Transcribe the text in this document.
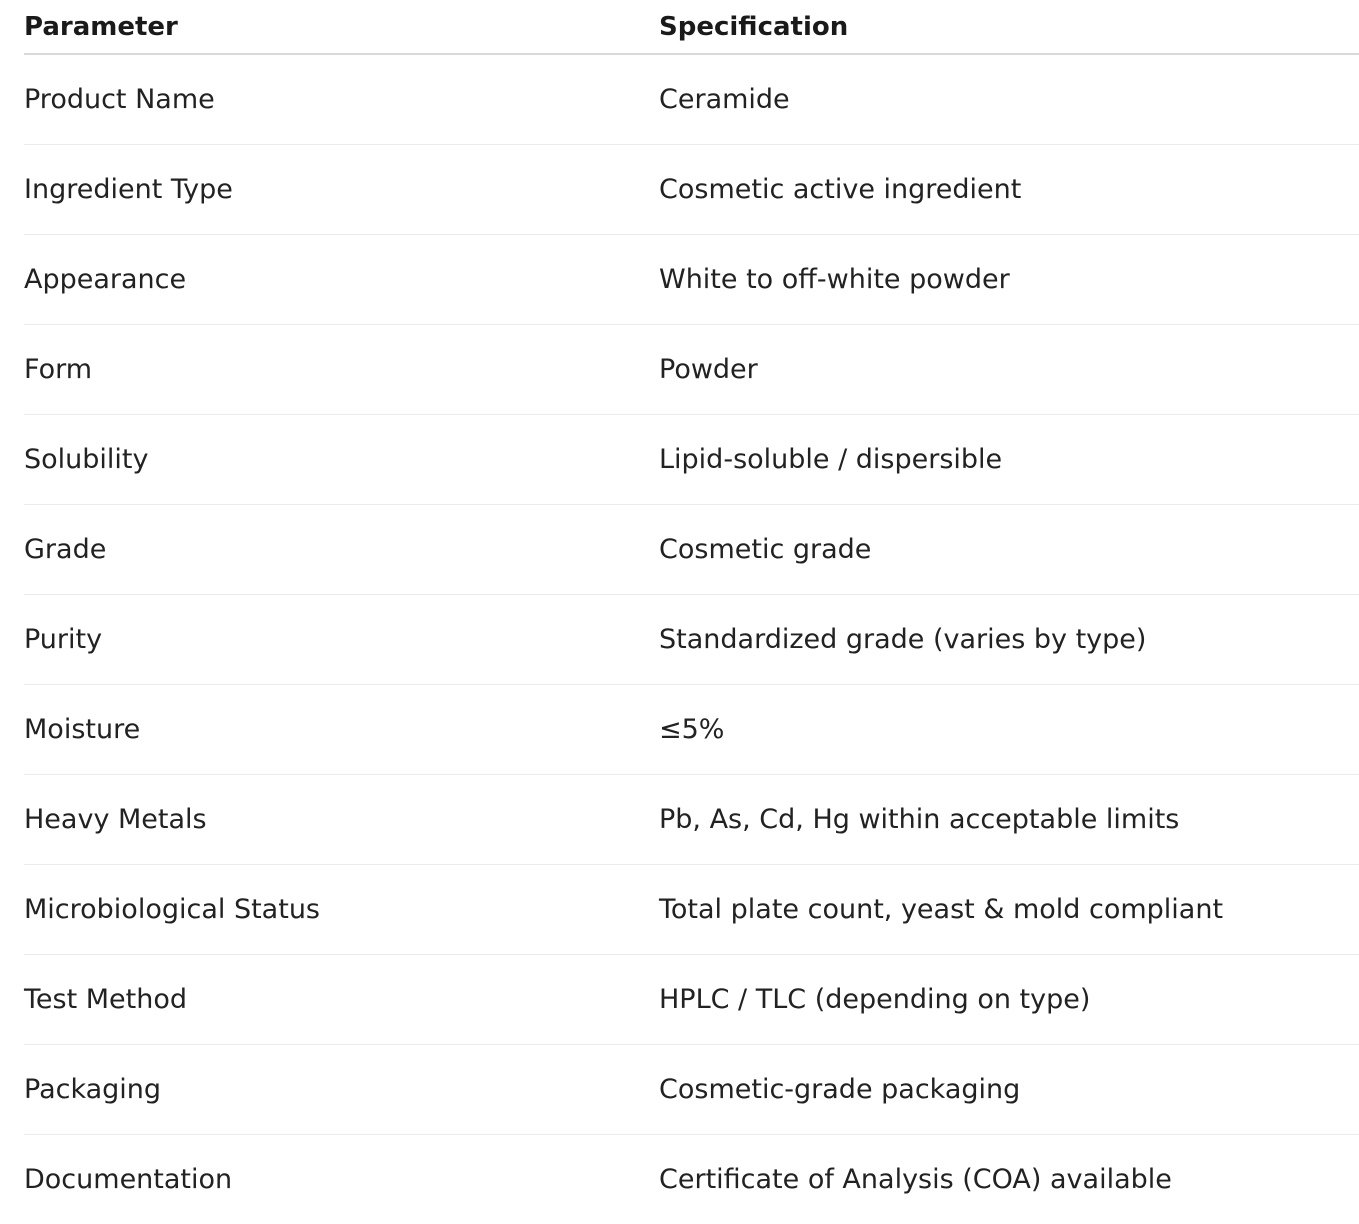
Parameter	Specification
Product Name	Ceramide
Ingredient Type	Cosmetic active ingredient
Appearance	White to off-white powder
Form	Powder
Solubility	Lipid-soluble / dispersible
Grade	Cosmetic grade
Purity	Standardized grade (varies by type)
Moisture	≤5%
Heavy Metals	Pb, As, Cd, Hg within acceptable limits
Microbiological Status	Total plate count, yeast & mold compliant
Test Method	HPLC / TLC (depending on type)
Packaging	Cosmetic-grade packaging
Documentation	Certificate of Analysis (COA) available
